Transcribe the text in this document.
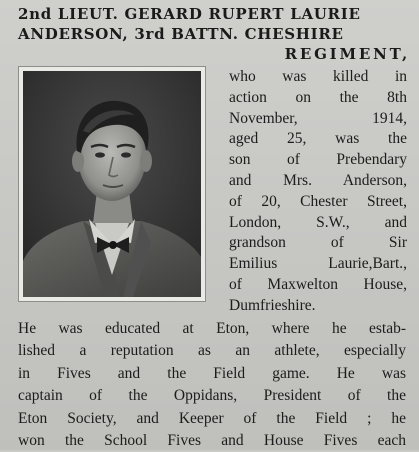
2nd LIEUT. GERARD RUPERT LAURIE
ANDERSON, 3rd BATTN. CHESHIRE
REGIMENT,
who was killed in
action on the 8th
November, 1914,
aged 25, was the
son of Prebendary
and Mrs. Anderson,
of 20, Chester Street,
London, S.W., and
grandson of Sir
Emilius Laurie,Bart.,
of Maxwelton House,
Dumfrieshire.
He was educated at Eton, where he estab-
lished a reputation as an athlete, especially
in Fives and the Field game. He was
captain of the Oppidans, President of the
Eton Society, and Keeper of the Field ; he
won the School Fives and House Fives each
